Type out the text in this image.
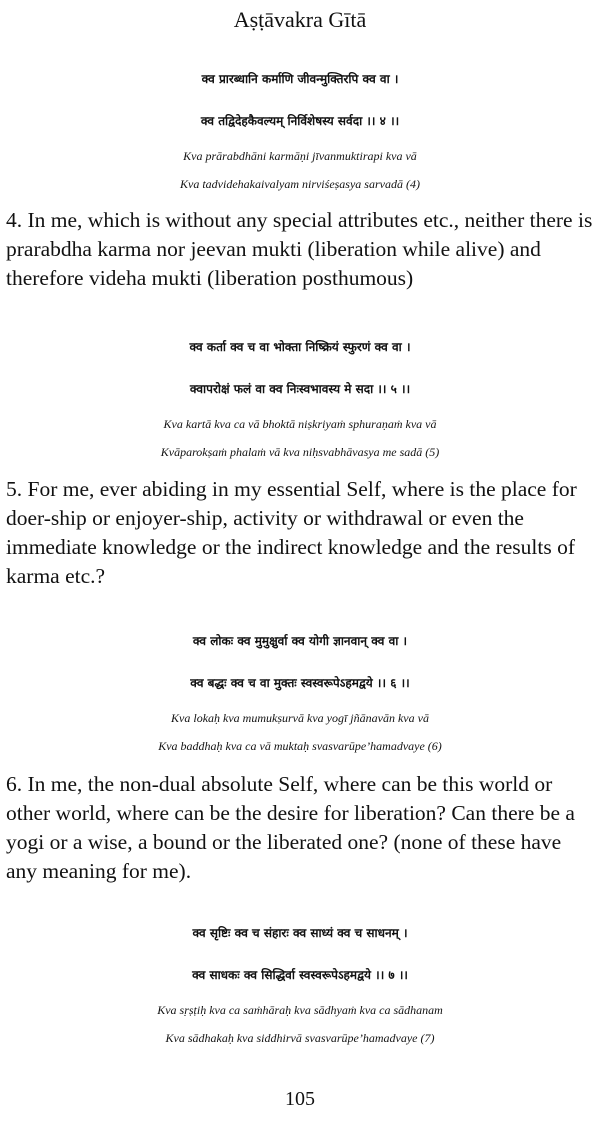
Aṣṭāvakra Gītā
क्व प्रारब्धानि कर्माणि जीवन्मुक्तिरपि क्व वा ।
क्व तद्विदेहकैवल्यम् निर्विशेषस्य सर्वदा ।। ४ ।।
Kva prārabdhāni karmāṇi jīvanmuktirapi kva vā
Kva tadvidehakaivalyam nirviśeṣasya sarvadā (4)
4. In me, which is without any special attributes etc., neither there is prarabdha karma nor jeevan mukti (liberation while alive) and therefore videha mukti (liberation posthumous)
क्व कर्ता क्व च वा भोक्ता निष्क्रियं स्फुरणं क्व वा ।
क्वापरोक्षं फलं वा क्व निःस्वभावस्य मे सदा ।। ५ ।।
Kva kartā kva ca vā bhoktā niṣkriyaṁ sphuraṇaṁ kva vā
Kvāparokṣaṁ phalaṁ vā kva niḥsvabhāvasya me sadā (5)
5. For me, ever abiding in my essential Self, where is the place for doer-ship or enjoyer-ship, activity or withdrawal or even the immediate knowledge or the indirect knowledge and the results of karma etc.?
क्व लोकः क्व मुमुक्षुर्वा क्व योगी ज्ञानवान् क्व वा ।
क्व बद्धः क्व च वा मुक्तः स्वस्वरूपेऽहमद्वये ।। ६ ।।
Kva lokaḥ kva mumukṣurvā kva yogī jñānavān kva vā
Kva baddhaḥ kva ca vā muktaḥ svasvarūpe’hamadvaye (6)
6. In me, the non-dual absolute Self, where can be this world or other world, where can be the desire for liberation? Can there be a yogi or a wise, a bound or the liberated one? (none of these have any meaning for me).
क्व सृष्टिः क्व च संहारः क्व साध्यं क्व च साधनम् ।
क्व साधकः क्व सिद्धिर्वा स्वस्वरूपेऽहमद्वये ।। ७ ।।
Kva sṛṣṭiḥ kva ca saṁhāraḥ kva sādhyaṁ kva ca sādhanam
Kva sādhakaḥ kva siddhirvā svasvarūpe’hamadvaye (7)
105
